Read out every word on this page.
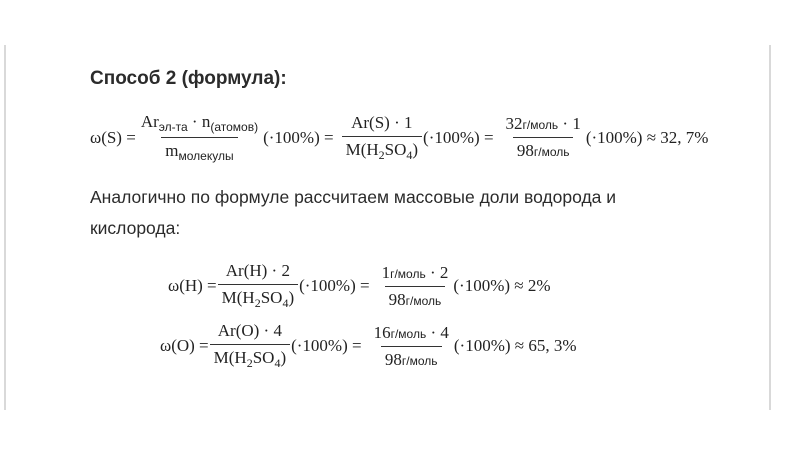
Способ 2 (формула):
$\omega(S) = \frac{Ar_{эл-та} \cdot n_{(атомов)}}{m_{молекулы}} (\cdot 100\%) = \frac{Ar(S) \cdot 1}{M(H_2SO_4)} (\cdot 100\%) = \frac{\text{32г/моль · 1}}{\text{98г/моль}} (\cdot 100\%) \approx 32$, 7%
Аналогично по формуле рассчитаем массовые доли водорода и
кислорода:
$\omega(H) = \frac{Ar(H) \cdot 2}{M(H_2SO_4)} (\cdot 100\%) = \frac{\text{1г/моль · 2}}{\text{98г/моль}} (\cdot 100\%) \approx 2\%$
$\omega(O) = \frac{Ar(O) \cdot 4}{M(H_2SO_4)} (\cdot 100\%) = \frac{\text{16г/моль · 4}}{\text{98г/моль}} (\cdot 100\%) \approx 65$, 3%
